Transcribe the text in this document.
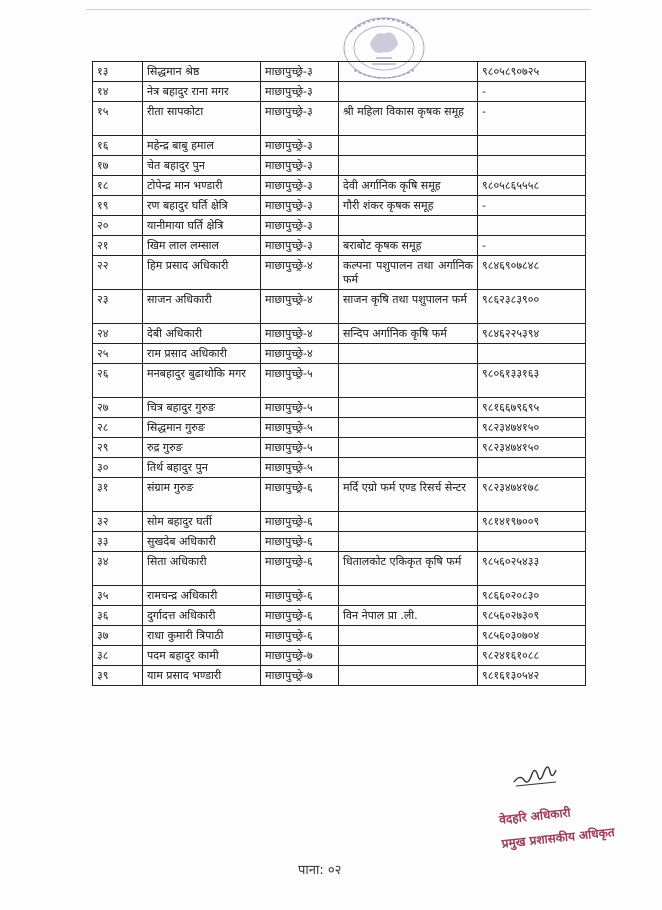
१३	सिद्धमान श्रेष्ठ	माछापुच्छ्रे-३		९८०५८९०७२५
१४	नेत्र बहादुर राना मगर	माछापुच्छ्रे-३		-
१५	रीता सापकोटा	माछापुच्छ्रे-३	श्री महिला विकास कृषक समूह	-
१६	महेन्द्र बाबु हमाल	माछापुच्छ्रे-३		
१७	चेत बहादुर पुन	माछापुच्छ्रे-३		
१८	टोपेन्द्र मान भण्डारी	माछापुच्छ्रे-३	देवी अर्गानिक कृषि समूह	९८०५८६५५५८
१९	रण बहादुर घर्ति क्षेत्रि	माछापुच्छ्रे-३	गौरी शंकर कृषक समूह	-
२०	यानीमाया घर्ति क्षेत्रि	माछापुच्छ्रे-३		
२१	खिम लाल लम्साल	माछापुच्छ्रे-३	बराबोट कृषक समूह	-
२२	हिम प्रसाद अधिकारी	माछापुच्छ्रे-४	कल्पना पशुपालन तथा अर्गानिक फर्म	९८४६९०७८४८
२३	साजन अधिकारी	माछापुच्छ्रे-४	साजन कृषि तथा पशुपालन फर्म	९८६२३८३९००
२४	देबी अधिकारी	माछापुच्छ्रे-४	सन्दिप अर्गानिक कृषि फर्म	९८४६२२५३९४
२५	राम प्रसाद अधिकारी	माछापुच्छ्रे-४		
२६	मनबहादुर बुढाथोकि मगर	माछापुच्छ्रे-५		९८०६१३३१६३
२७	चित्र बहादुर गुरुङ	माछापुच्छ्रे-५		९८१६६७९६९५
२८	सिद्धमान गुरुङ	माछापुच्छ्रे-५		९८२३४७४१५०
२९	रुद्र गुरुङ	माछापुच्छ्रे-५		९८२३४७४१५०
३०	तिर्थ बहादुर पुन	माछापुच्छ्रे-५		
३१	संग्राम गुरुङ	माछापुच्छ्रे-६	मर्दि एग्रो फर्म एण्ड रिसर्च सेन्टर	९८२३४७४१७८
३२	सोम बहादुर घर्ती	माछापुच्छ्रे-६		९८१४१९७००९
३३	सुखदेब अधिकारी	माछापुच्छ्रे-६		
३४	सिता अधिकारी	माछापुच्छ्रे-६	धितालकोट एकिकृत कृषि फर्म	९८५६०२५४३३
३५	रामचन्द्र अधिकारी	माछापुच्छ्रे-६		९८६६०२०८३०
३६	दुर्गादत्त अधिकारी	माछापुच्छ्रे-६	विन नेपाल प्रा .ली.	९८५६०२७३०९
३७	राधा कुमारी त्रिपाठी	माछापुच्छ्रे-६		९८५६०३०७०४
३८	पदम बहादुर कामी	माछापुच्छ्रे-७		९८२४१६१०८८
३९	याम प्रसाद भण्डारी	माछापुच्छ्रे-७		९८१६१३०५४२
वेदहरि अधिकारी
प्रमुख प्रशासकीय अधिकृत
पाना: ०२
